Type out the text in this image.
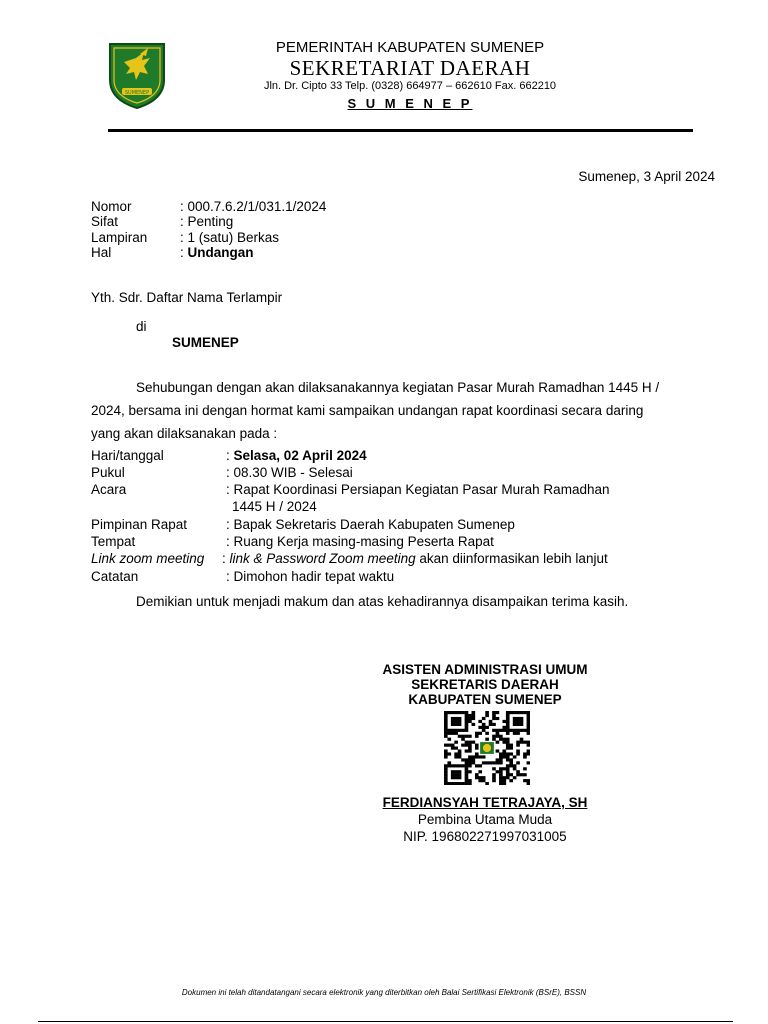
SUMENEP
PEMERINTAH KABUPATEN SUMENEP
SEKRETARIAT DAERAH
Jln. Dr. Cipto 33 Telp. (0328) 664977 – 662610 Fax. 662210
S U M E N E P
Sumenep, 3 April 2024
Nomor	: 000.7.6.2/1/031.1/2024
Sifat	: Penting
Lampiran : 1 (satu) Berkas
Hal	: Undangan
Yth. Sdr. Daftar Nama Terlampir
di
SUMENEP
Sehubungan dengan akan dilaksanakannya kegiatan Pasar Murah Ramadhan 1445 H /
2024, bersama ini dengan hormat kami sampaikan undangan rapat koordinasi secara daring
yang akan dilaksanakan pada :
Hari/tanggal	: Selasa, 02 April 2024
Pukul	: 08.30 WIB - Selesai
Acara	: Rapat Koordinasi Persiapan Kegiatan Pasar Murah Ramadhan
1445 H / 2024
Pimpinan Rapat	: Bapak Sekretaris Daerah Kabupaten Sumenep
Tempat	: Ruang Kerja masing-masing Peserta Rapat
Link zoom meeting : link & Password Zoom meeting akan diinformasikan lebih lanjut
Catatan	: Dimohon hadir tepat waktu
Demikian untuk menjadi makum dan atas kehadirannya disampaikan terima kasih.
ASISTEN ADMINISTRASI UMUM
SEKRETARIS DAERAH
KABUPATEN SUMENEP
FERDIANSYAH TETRAJAYA, SH
Pembina Utama Muda
NIP. 196802271997031005
Dokumen ini telah ditandatangani secara elektronik yang diterbitkan oleh Balai Sertifikasi Elektronik (BSrE), BSSN
